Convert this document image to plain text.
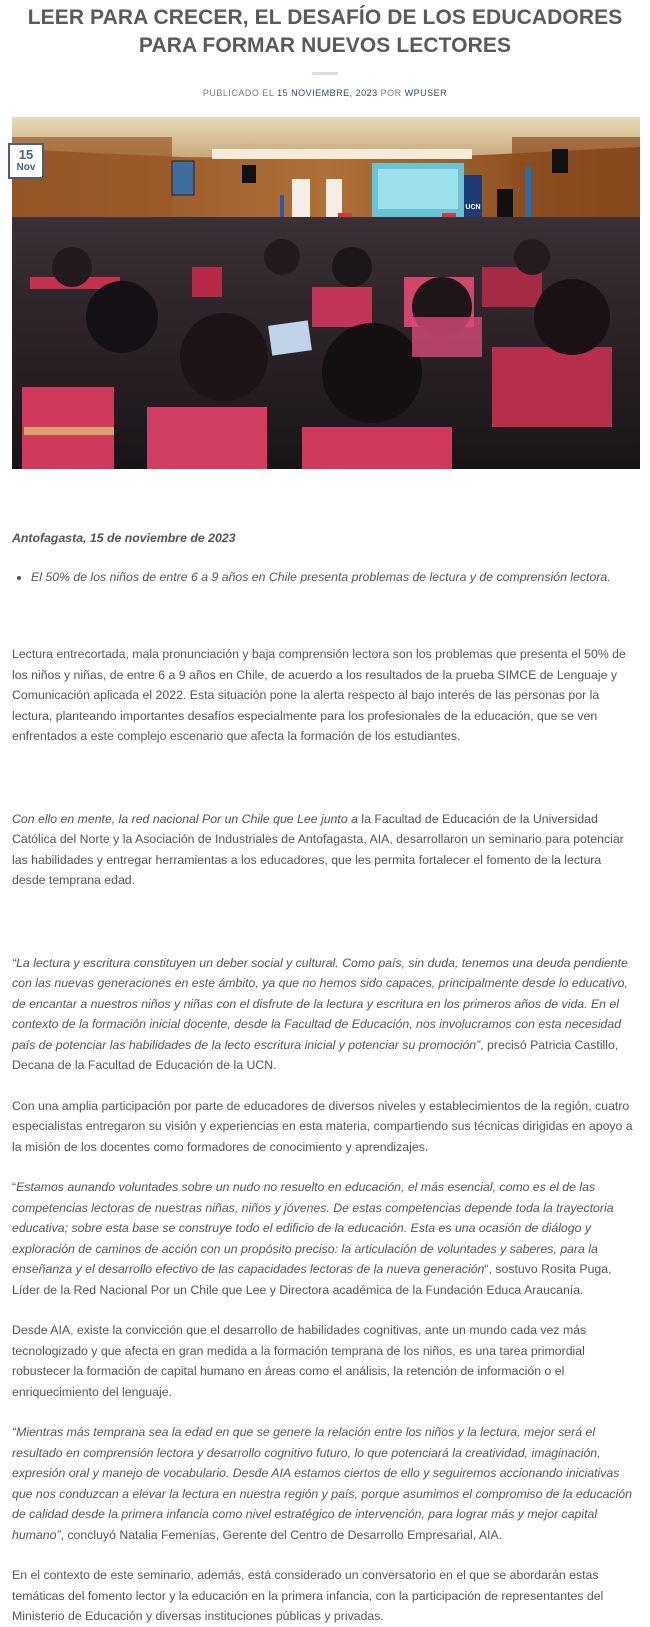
LEER PARA CRECER, EL DESAFÍO DE LOS EDUCADORES PARA FORMAR NUEVOS LECTORES
PUBLICADO EL 15 NOVIEMBRE, 2023 POR WPUSER
UCN
15
Nov

Antofagasta, 15 de noviembre de 2023

• El 50% de los niños de entre 6 a 9 años en Chile presenta problemas de lectura y de comprensión lectora.

Lectura entrecortada, mala pronunciación y baja comprensión lectora son los problemas que presenta el 50% de los niños y niñas, de entre 6 a 9 años en Chile, de acuerdo a los resultados de la prueba SIMCE de Lenguaje y Comunicación aplicada el 2022. Esta situación pone la alerta respecto al bajo interés de las personas por la lectura, planteando importantes desafíos especialmente para los profesionales de la educación, que se ven enfrentados a este complejo escenario que afecta la formación de los estudiantes.

Con ello en mente, la red nacional Por un Chile que Lee junto a la Facultad de Educación de la Universidad Católica del Norte y la Asociación de Industriales de Antofagasta, AIA, desarrollaron un seminario para potenciar las habilidades y entregar herramientas a los educadores, que les permita fortalecer el fomento de la lectura desde temprana edad.

“La lectura y escritura constituyen un deber social y cultural. Como país, sin duda, tenemos una deuda pendiente con las nuevas generaciones en este ámbito, ya que no hemos sido capaces, principalmente desde lo educativo, de encantar a nuestros niños y niñas con el disfrute de la lectura y escritura en los primeros años de vida. En el contexto de la formación inicial docente, desde la Facultad de Educación, nos involucramos con esta necesidad país de potenciar las habilidades de la lecto escritura inicial y potenciar su promoción”, precisó Patricia Castillo, Decana de la Facultad de Educación de la UCN.

Con una amplia participación por parte de educadores de diversos niveles y establecimientos de la región, cuatro especialistas entregaron su visión y experiencias en esta materia, compartiendo sus técnicas dirigidas en apoyo a la misión de los docentes como formadores de conocimiento y aprendizajes.

“Estamos aunando voluntades sobre un nudo no resuelto en educación, el más esencial, como es el de las competencias lectoras de nuestras niñas, niños y jóvenes. De estas competencias depende toda la trayectoria educativa; sobre esta base se construye todo el edificio de la educación. Esta es una ocasión de diálogo y exploración de caminos de acción con un propósito preciso: la articulación de voluntades y saberes, para la enseñanza y el desarrollo efectivo de las capacidades lectoras de la nueva generación“, sostuvo Rosita Puga, Líder de la Red Nacional Por un Chile que Lee y Directora académica de la Fundación Educa Araucanía.

Desde AIA, existe la convicción que el desarrollo de habilidades cognitivas, ante un mundo cada vez más tecnologizado y que afecta en gran medida a la formación temprana de los niños, es una tarea primordial robustecer la formación de capital humano en áreas como el análisis, la retención de información o el enriquecimiento del lenguaje.

“Mientras más temprana sea la edad en que se genere la relación entre los niños y la lectura, mejor será el resultado en comprensión lectora y desarrollo cognitivo futuro, lo que potenciará la creatividad, imaginación, expresión oral y manejo de vocabulario. Desde AIA estamos ciertos de ello y seguiremos accionando iniciativas que nos conduzcan a elevar la lectura en nuestra región y país, porque asumimos el compromiso de la educación de calidad desde la primera infancia como nivel estratégico de intervención, para lograr más y mejor capital humano”, concluyó Natalia Femenías, Gerente del Centro de Desarrollo Empresarial, AIA.

En el contexto de este seminario, además, está considerado un conversatorio en el que se abordarán estas temáticas del fomento lector y la educación en la primera infancia, con la participación de representantes del Ministerio de Educación y diversas instituciones públicas y privadas.
